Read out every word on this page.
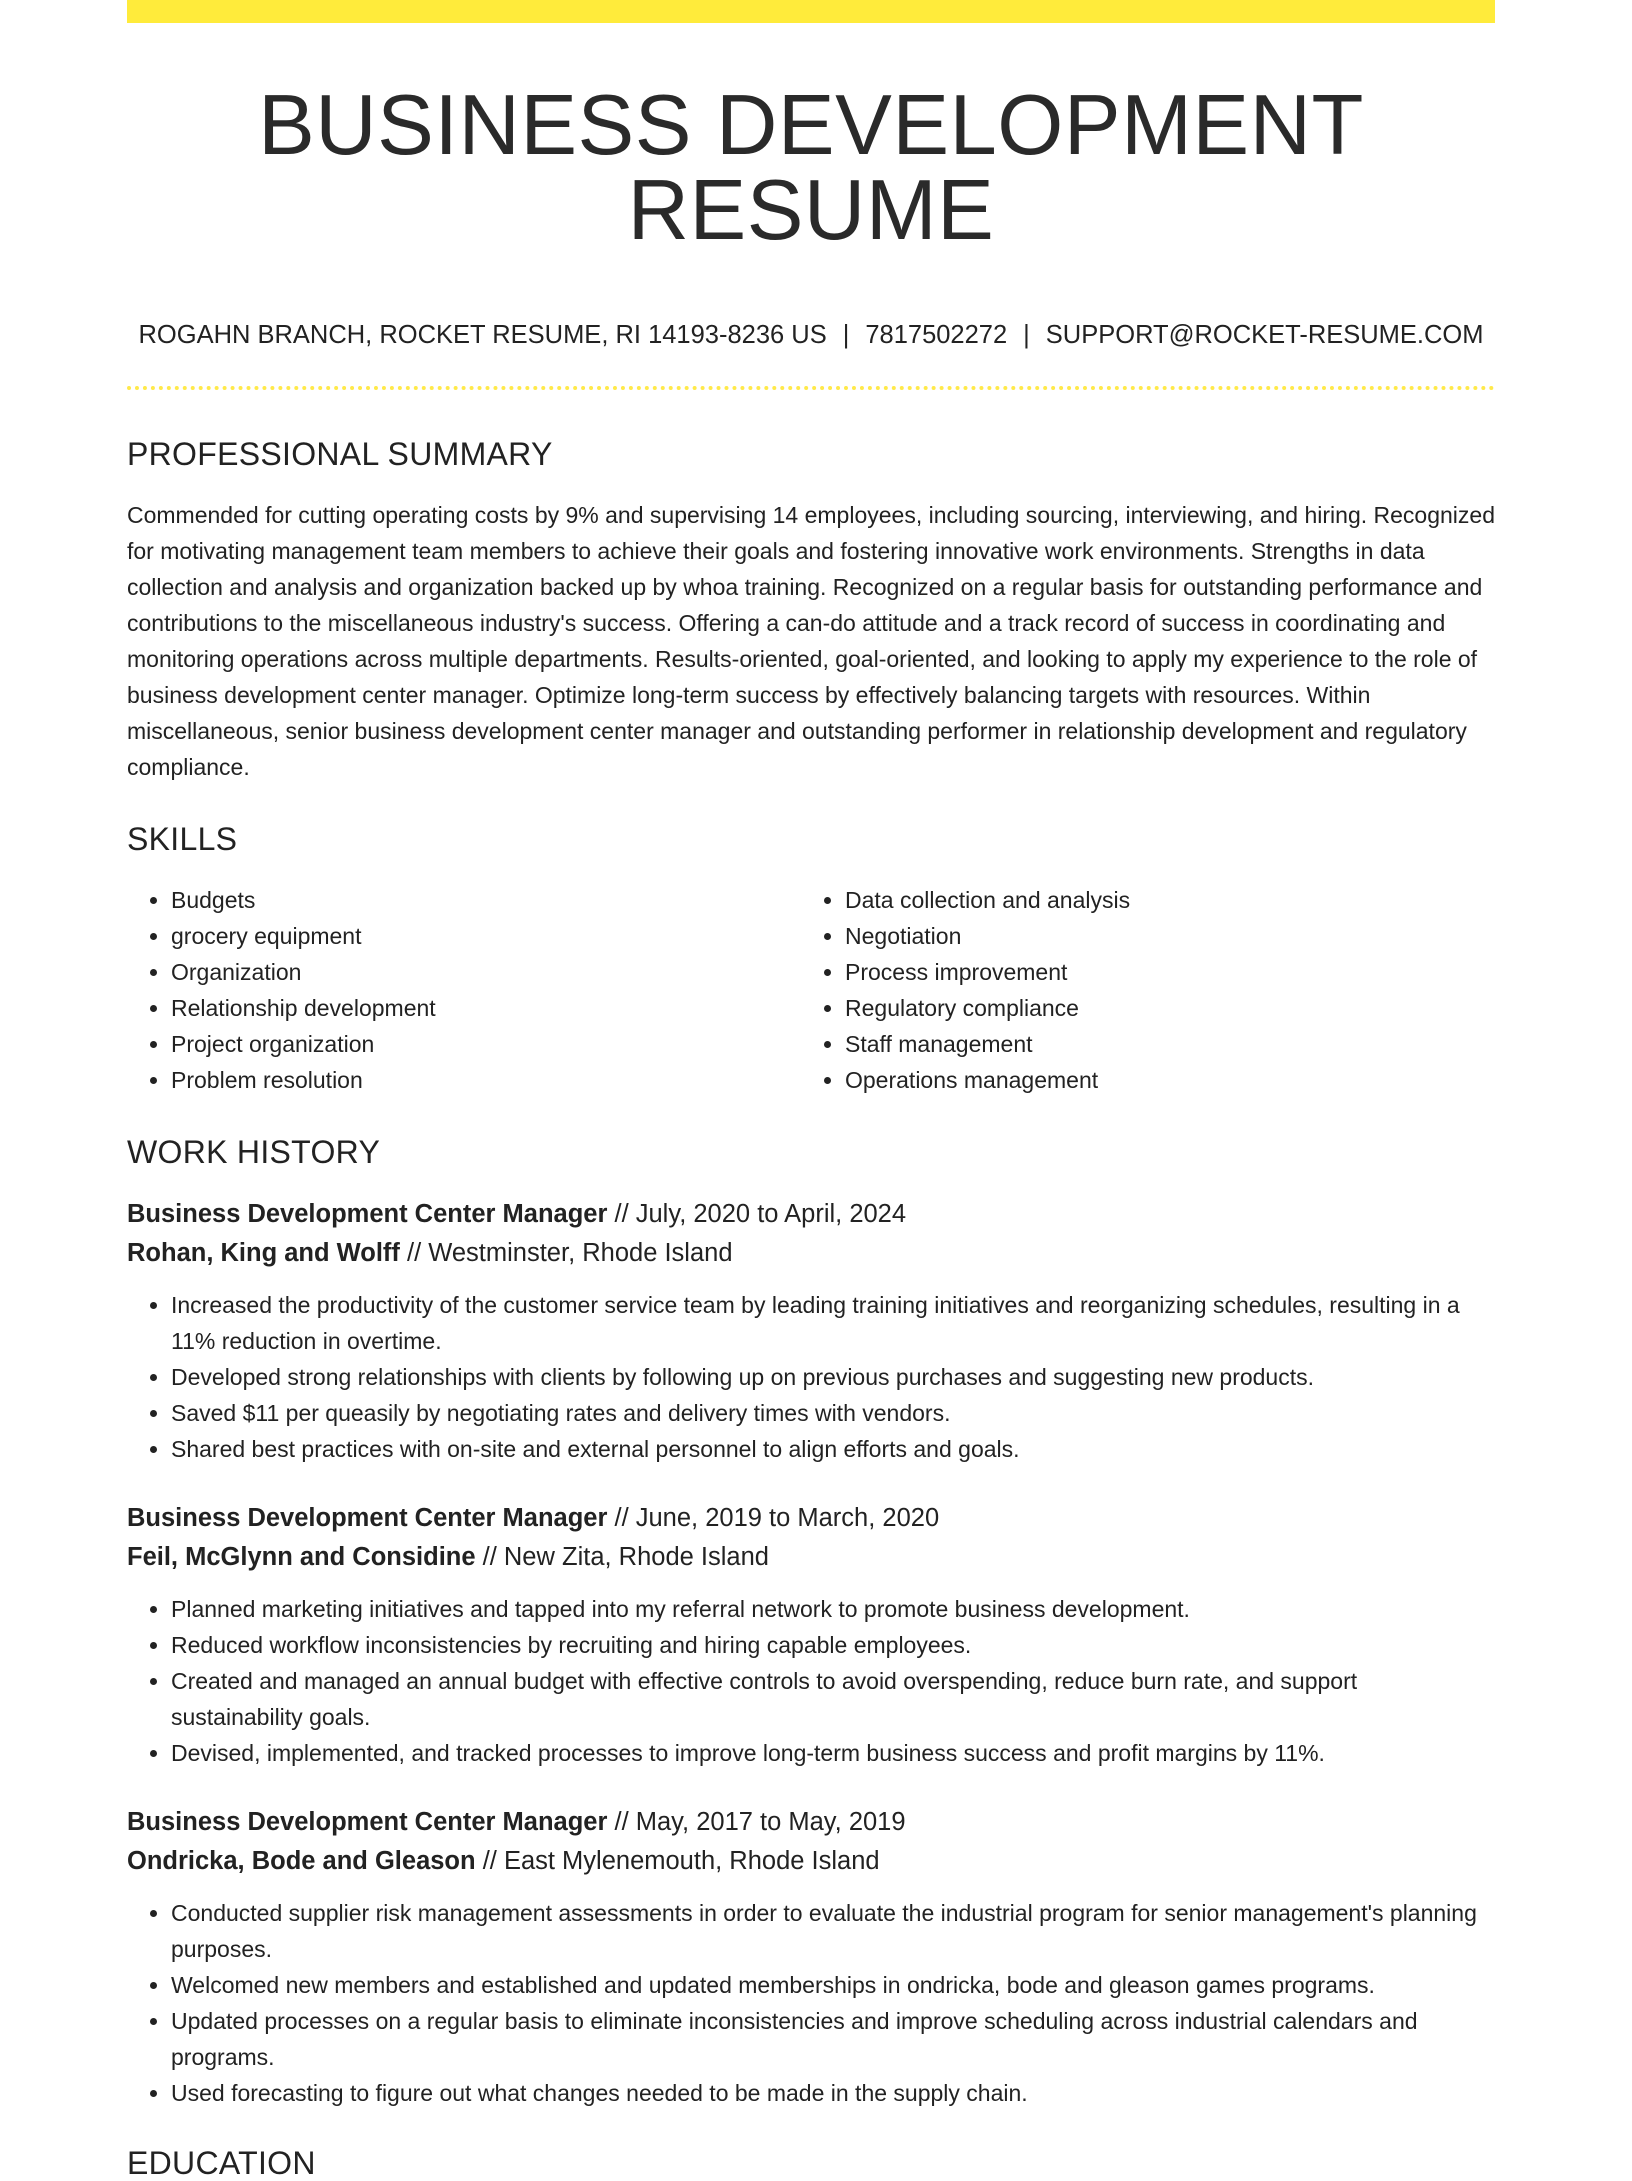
BUSINESS DEVELOPMENT RESUME
ROGAHN BRANCH, ROCKET RESUME, RI 14193-8236 US | 7817502272 | SUPPORT@ROCKET-RESUME.COM
PROFESSIONAL SUMMARY

Commended for cutting operating costs by 9% and supervising 14 employees, including sourcing, interviewing, and hiring. Recognized for motivating management team members to achieve their goals and fostering innovative work environments. Strengths in data collection and analysis and organization backed up by whoa training. Recognized on a regular basis for outstanding performance and contributions to the miscellaneous industry's success. Offering a can-do attitude and a track record of success in coordinating and monitoring operations across multiple departments. Results-oriented, goal-oriented, and looking to apply my experience to the role of business development center manager. Optimize long-term success by effectively balancing targets with resources. Within miscellaneous, senior business development center manager and outstanding performer in relationship development and regulatory compliance.

SKILLS
• Budgets
• grocery equipment
• Organization
• Relationship development
• Project organization
• Problem resolution
• Data collection and analysis
• Negotiation
• Process improvement
• Regulatory compliance
• Staff management
• Operations management
WORK HISTORY
Business Development Center Manager // July, 2020 to April, 2024
Rohan, King and Wolff // Westminster, Rhode Island
• Increased the productivity of the customer service team by leading training initiatives and reorganizing schedules, resulting in a 11% reduction in overtime.
• Developed strong relationships with clients by following up on previous purchases and suggesting new products.
• Saved $11 per queasily by negotiating rates and delivery times with vendors.
• Shared best practices with on-site and external personnel to align efforts and goals.
Business Development Center Manager // June, 2019 to March, 2020
Feil, McGlynn and Considine // New Zita, Rhode Island
• Planned marketing initiatives and tapped into my referral network to promote business development.
• Reduced workflow inconsistencies by recruiting and hiring capable employees.
• Created and managed an annual budget with effective controls to avoid overspending, reduce burn rate, and support sustainability goals.
• Devised, implemented, and tracked processes to improve long-term business success and profit margins by 11%.
Business Development Center Manager // May, 2017 to May, 2019
Ondricka, Bode and Gleason // East Mylenemouth, Rhode Island
• Conducted supplier risk management assessments in order to evaluate the industrial program for senior management's planning purposes.
• Welcomed new members and established and updated memberships in ondricka, bode and gleason games programs.
• Updated processes on a regular basis to eliminate inconsistencies and improve scheduling across industrial calendars and programs.
• Used forecasting to figure out what changes needed to be made in the supply chain.
EDUCATION
